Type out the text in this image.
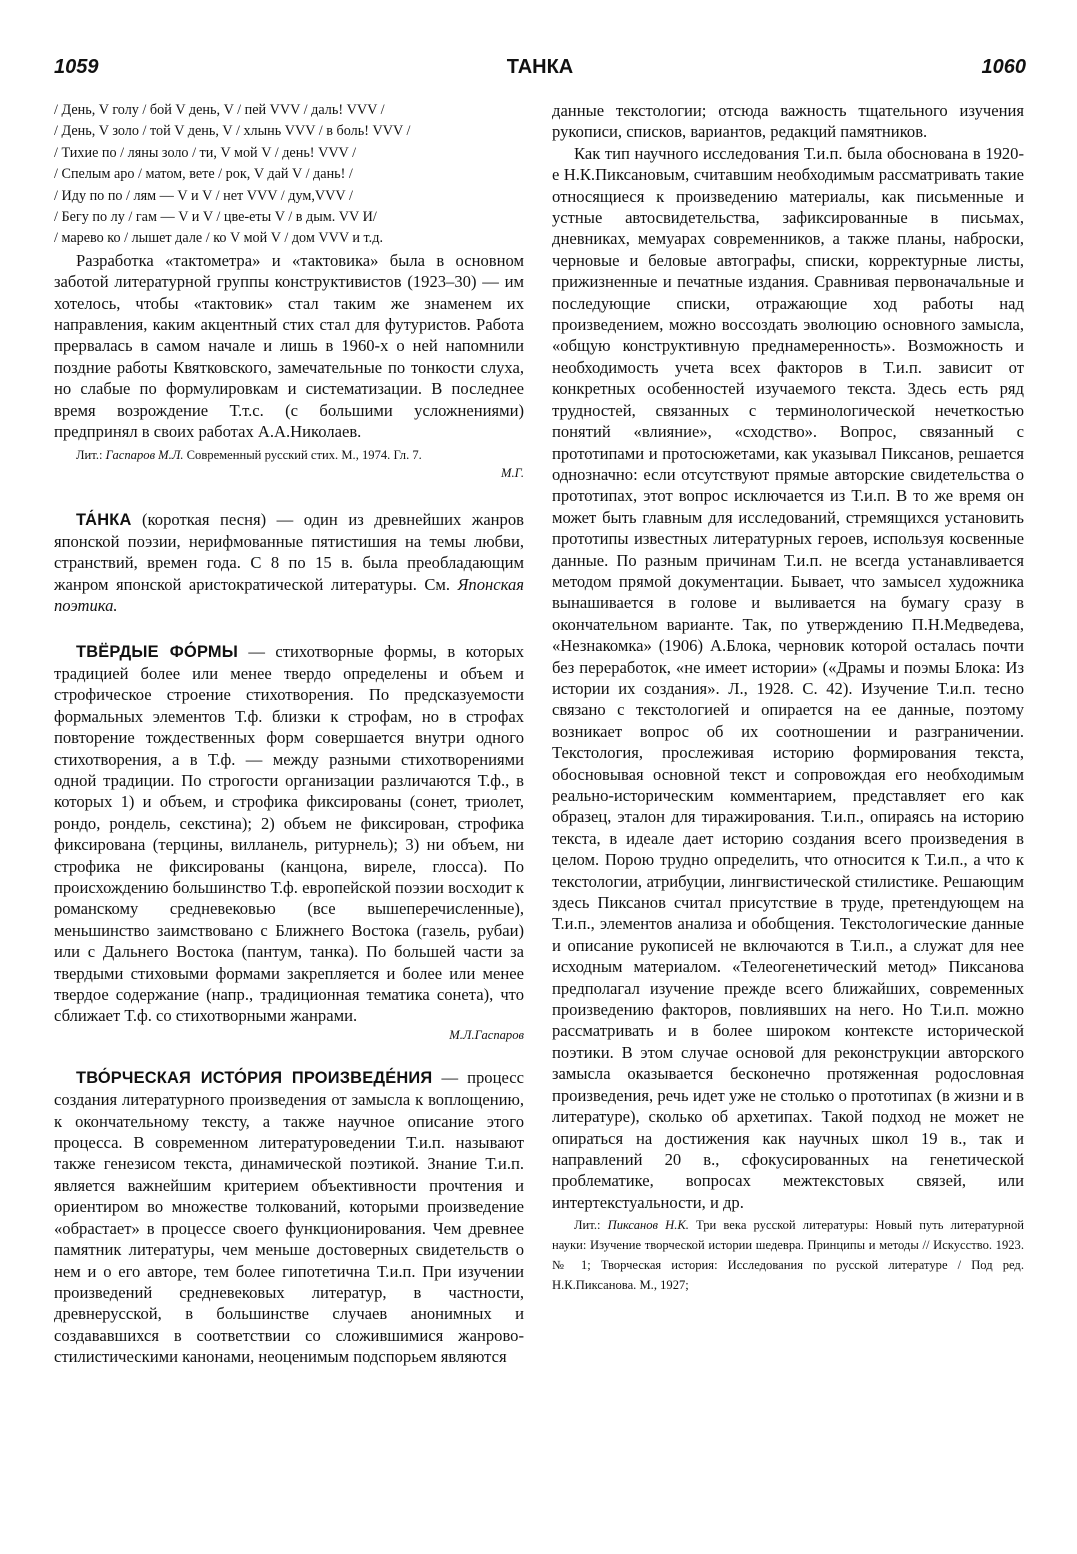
1059	ТАНКА	1060
/ День, V голу / бой V день, V / пей VVV / даль! VVV /
/ День, V золо / той V день, V / хлынь VVV / в боль! VVV /
/ Тихие по / ляны золо / ти, V мой V / день! VVV /
/ Спелым аро / матом, вете / рок, V дай V / дань! /
/ Иду по по / лям — V и V / нет VVV / дум,VVV /
/ Бегу по лу / гам — V и V / цве-еты V / в дым. VV И/
/ марево ко / лышет дале / ко V мой V / дом VVV и т.д.

Разработка «тактометра» и «тактовика» была в основном заботой литературной группы конструктивистов (1923–30) — им хотелось, чтобы «тактовик» стал таким же знаменем их направления, каким акцентный стих стал для футуристов. Работа прервалась в самом начале и лишь в 1960-х о ней напомнили поздние работы Квятковского, замечательные по тонкости слуха, но слабые по формулировкам и систематизации. В последнее время возрождение Т.т.с. (с большими усложнениями) предпринял в своих работах А.А.Николаев.

Лит.: Гаспаров М.Л. Современный русский стих. М., 1974. Гл. 7.
М.Г.
ТА́НКА (короткая песня) — один из древнейших жанров японской поэзии, нерифмованные пятистишия на темы любви, странствий, времен года. С 8 по 15 в. была преобладающим жанром японской аристократической литературы. См. Японская поэтика.
ТВЁРДЫЕ ФО́РМЫ — стихотворные формы, в которых традицией более или менее твердо определены и объем и строфическое строение стихотворения. По предсказуемости формальных элементов Т.ф. близки к строфам, но в строфах повторение тождественных форм совершается внутри одного стихотворения, а в Т.ф. — между разными стихотворениями одной традиции. По строгости организации различаются Т.ф., в которых 1) и объем, и строфика фиксированы (сонет, триолет, рондо, рондель, секстина); 2) объем не фиксирован, строфика фиксирована (терцины, вилланель, ритурнель); 3) ни объем, ни строфика не фиксированы (канцона, виреле, глосса). По происхождению большинство Т.ф. европейской поэзии восходит к романскому средневековью (все вышеперечисленные), меньшинство заимствовано с Ближнего Востока (газель, рубаи) или с Дальнего Востока (пантум, танка). По большей части за твердыми стиховыми формами закрепляется и более или менее твердое содержание (напр., традиционная тематика сонета), что сближает Т.ф. со стихотворными жанрами.
М.Л.Гаспаров
ТВО́РЧЕСКАЯ ИСТО́РИЯ ПРОИЗВЕДЕ́НИЯ — процесс создания литературного произведения от замысла к воплощению, к окончательному тексту, а также научное описание этого процесса. В современном литературоведении Т.и.п. называют также генезисом текста, динамической поэтикой. Знание Т.и.п. является важнейшим критерием объективности прочтения и ориентиром во множестве толкований, которыми произведение «обрастает» в процессе своего функционирования. Чем древнее памятник литературы, чем меньше достоверных свидетельств о нем и о его авторе, тем более гипотетична Т.и.п. При изучении произведений средневековых литератур, в частности, древнерусской, в большинстве случаев анонимных и создававшихся в соответствии со сложившимися жанрово-стилистическими канонами, неоценимым подспорьем являются

данные текстологии; отсюда важность тщательного изучения рукописи, списков, вариантов, редакций памятников.

Как тип научного исследования Т.и.п. была обоснована в 1920-е Н.К.Пиксановым, считавшим необходимым рассматривать такие относящиеся к произведению материалы, как письменные и устные автосвидетельства, зафиксированные в письмах, дневниках, мемуарах современников, а также планы, наброски, черновые и беловые автографы, списки, корректурные листы, прижизненные и печатные издания. Сравнивая первоначальные и последующие списки, отражающие ход работы над произведением, можно воссоздать эволюцию основного замысла, «общую конструктивную преднамеренность». Возможность и необходимость учета всех факторов в Т.и.п. зависит от конкретных особенностей изучаемого текста. Здесь есть ряд трудностей, связанных с терминологической нечеткостью понятий «влияние», «сходство». Вопрос, связанный с прототипами и протосюжетами, как указывал Пиксанов, решается однозначно: если отсутствуют прямые авторские свидетельства о прототипах, этот вопрос исключается из Т.и.п. В то же время он может быть главным для исследований, стремящихся установить прототипы известных литературных героев, используя косвенные данные. По разным причинам Т.и.п. не всегда устанавливается методом прямой документации. Бывает, что замысел художника вынашивается в голове и выливается на бумагу сразу в окончательном варианте. Так, по утверждению П.Н.Медведева, «Незнакомка» (1906) А.Блока, черновик которой осталась почти без переработок, «не имеет истории» («Драмы и поэмы Блока: Из истории их создания». Л., 1928. С. 42). Изучение Т.и.п. тесно связано с текстологией и опирается на ее данные, поэтому возникает вопрос об их соотношении и разграничении. Текстология, прослеживая историю формирования текста, обосновывая основной текст и сопровождая его необходимым реально-историческим комментарием, представляет его как образец, эталон для тиражирования. Т.и.п., опираясь на историю текста, в идеале дает историю создания всего произведения в целом. Порою трудно определить, что относится к Т.и.п., а что к текстологии, атрибуции, лингвистической стилистике. Решающим здесь Пиксанов считал присутствие в труде, претендующем на Т.и.п., элементов анализа и обобщения. Текстологические данные и описание рукописей не включаются в Т.и.п., а служат для нее исходным материалом. «Телеогенетический метод» Пиксанова предполагал изучение прежде всего ближайших, современных произведению факторов, повлиявших на него. Но Т.и.п. можно рассматривать и в более широком контексте исторической поэтики. В этом случае основой для реконструкции авторского замысла оказывается бесконечно протяженная родословная произведения, речь идет уже не столько о прототипах (в жизни и в литературе), сколько об архетипах. Такой подход не может не опираться на достижения как научных школ 19 в., так и направлений 20 в., сфокусированных на генетической проблематике, вопросах межтекстовых связей, или интертекстуальности, и др.

Лит.: Пиксанов Н.К. Три века русской литературы: Новый путь литературной науки: Изучение творческой истории шедевра. Принципы и методы // Искусство. 1923. № 1; Творческая история: Исследования по русской литературе / Под ред. Н.К.Пиксанова. М., 1927;
